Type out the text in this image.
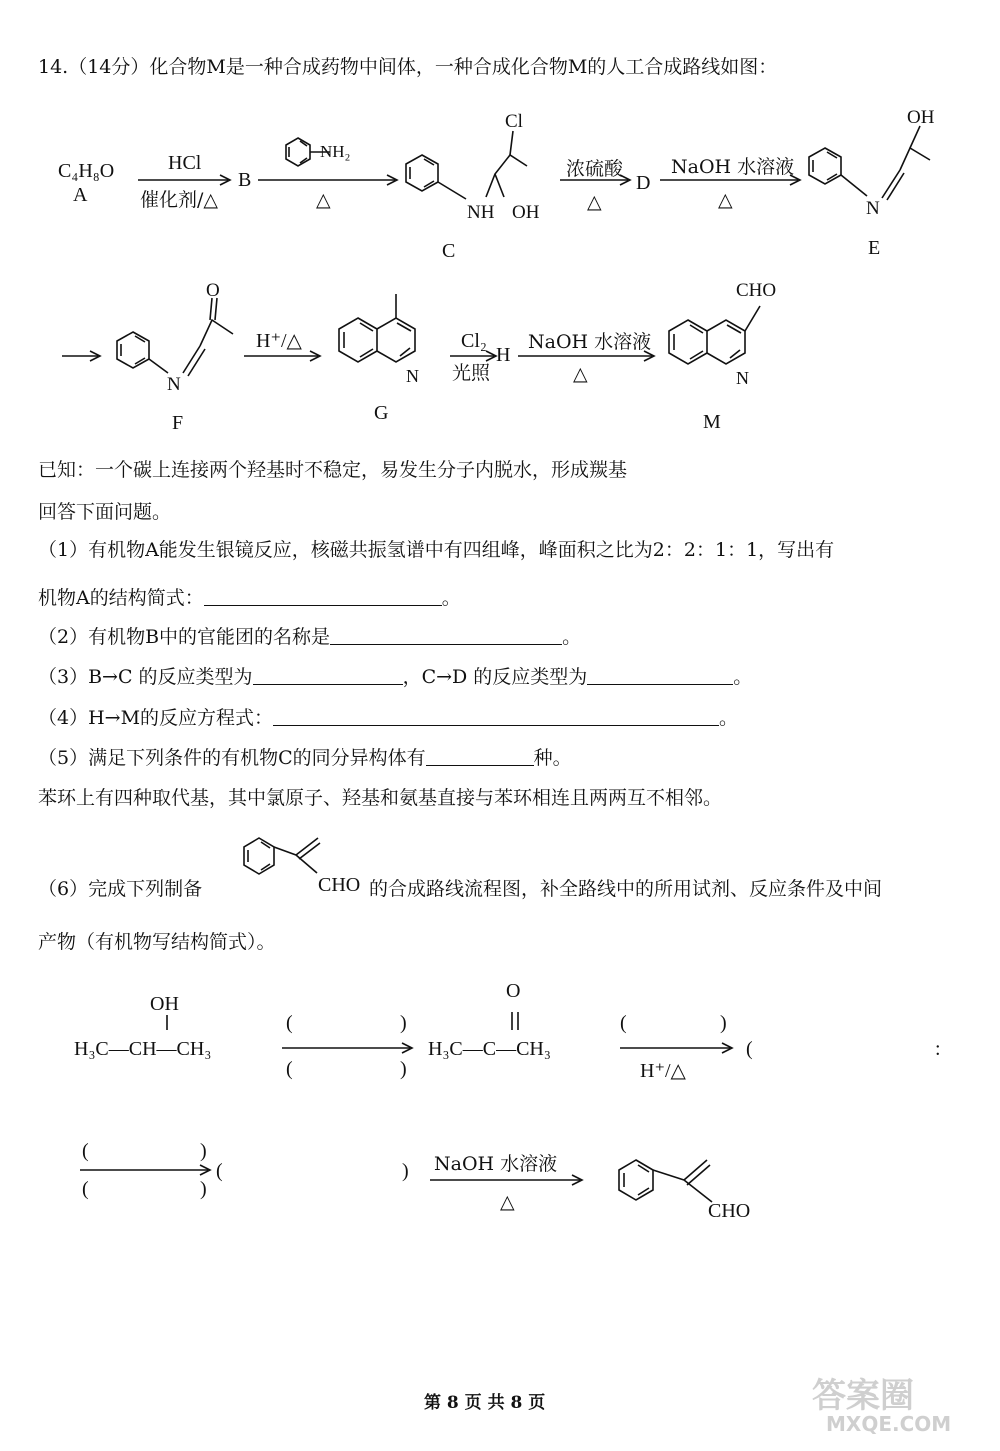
14.（14分）化合物M是一种合成药物中间体，一种合成化合物M的人工合成路线如图：
C₄H₈O
A
HCl
催化剂/△
B
△
C
浓硫酸
△
D
NaOH 水溶液
△
E
F
H⁺/△
G
Cl₂
光照
H
NaOH 水溶液
△
M
NH₂
Cl
NH OH
OH
N
O
N	N
CHO
N
已知：一个碳上连接两个羟基时不稳定，易发生分子内脱水，形成羰基
回答下面问题。
（1）有机物A能发生银镜反应，核磁共振氢谱中有四组峰，峰面积之比为2：2：1：1，写出有
机物A的结构简式：	。
（2）有机物B中的官能团的名称是	。
（3）B→C 的反应类型为	，C→D 的反应类型为	。
（4）H→M的反应方程式：	。
（5）满足下列条件的有机物C的同分异构体有	种。
苯环上有四种取代基，其中氯原子、羟基和氨基直接与苯环相连且两两互不相邻。
（6）完成下列制备	CHO 的合成路线流程图，补全路线中的所用试剂、反应条件及中间
产物（有机物写结构简式）。
OH
H₃C—CH—CH₃
(	)
(	)
O
H₃C—C—CH₃
(	)
H⁺/△
(	:
(	)
(	)
(	) NaOH 水溶液
△	CHO
第 8 页 共 8 页	答案圈
MXQE.COM
